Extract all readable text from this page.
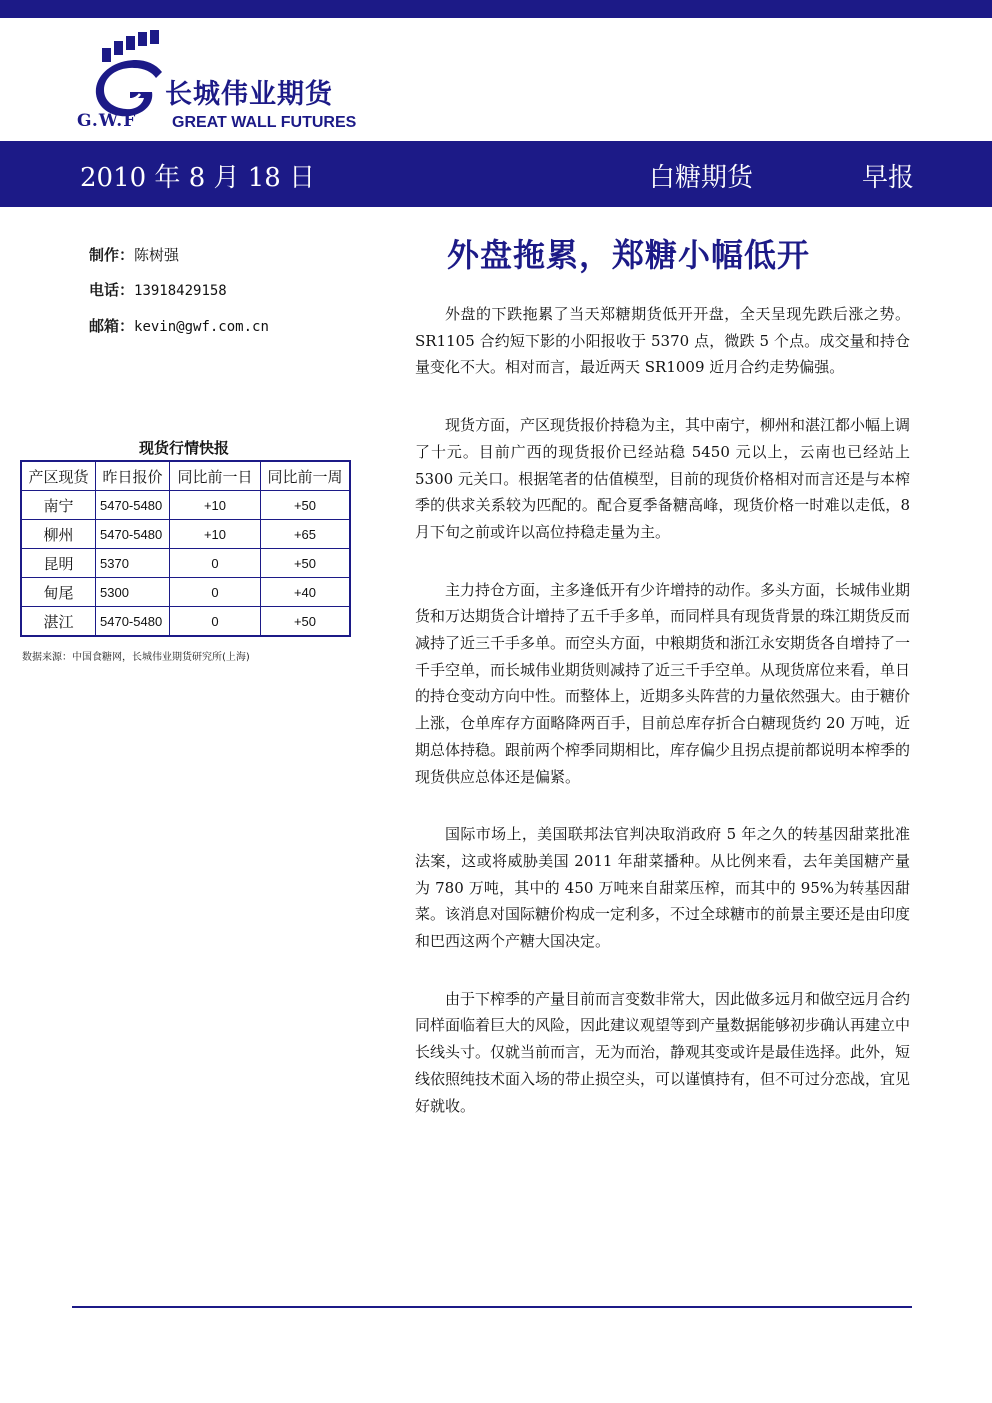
长城伟业期货
G.W.F GREAT WALL FUTURES
2010 年 8 月 18 日	白糖期货	早报
制作：陈树强
电话：13918429158
邮箱：kevin@gwf.com.cn
外盘拖累，郑糖小幅低开

外盘的下跌拖累了当天郑糖期货低开开盘，全天呈现先跌后涨之势。SR1105 合约短下影的小阳报收于 5370 点，微跌 5 个点。成交量和持仓量变化不大。相对而言，最近两天 SR1009 近月合约走势偏强。

现货方面，产区现货报价持稳为主，其中南宁，柳州和湛江都小幅上调了十元。目前广西的现货报价已经站稳 5450 元以上，云南也已经站上 5300 元关口。根据笔者的估值模型，目前的现货价格相对而言还是与本榨季的供求关系较为匹配的。配合夏季备糖高峰，现货价格一时难以走低，8 月下旬之前或许以高位持稳走量为主。

主力持仓方面，主多逢低开有少许增持的动作。多头方面，长城伟业期货和万达期货合计增持了五千手多单，而同样具有现货背景的珠江期货反而减持了近三千手多单。而空头方面，中粮期货和浙江永安期货各自增持了一千手空单，而长城伟业期货则减持了近三千手空单。从现货席位来看，单日的持仓变动方向中性。而整体上，近期多头阵营的力量依然强大。由于糖价上涨，仓单库存方面略降两百手，目前总库存折合白糖现货约 20 万吨，近期总体持稳。跟前两个榨季同期相比，库存偏少且拐点提前都说明本榨季的现货供应总体还是偏紧。

国际市场上，美国联邦法官判决取消政府 5 年之久的转基因甜菜批准法案，这或将威胁美国 2011 年甜菜播种。从比例来看，去年美国糖产量为 780 万吨，其中的 450 万吨来自甜菜压榨，而其中的 95%为转基因甜菜。该消息对国际糖价构成一定利多，不过全球糖市的前景主要还是由印度和巴西这两个产糖大国决定。

由于下榨季的产量目前而言变数非常大，因此做多远月和做空远月合约同样面临着巨大的风险，因此建议观望等到产量数据能够初步确认再建立中长线头寸。仅就当前而言，无为而治，静观其变或许是最佳选择。此外，短线依照纯技术面入场的带止损空头，可以谨慎持有，但不可过分恋战，宜见好就收。

现货行情快报
产区现货	昨日报价	同比前一日	同比前一周
南宁	5470-5480	+10	+50
柳州	5470-5480	+10	+65
昆明	5370	0	+50
甸尾	5300	0	+40
湛江	5470-5480	0	+50
数据来源：中国食糖网，长城伟业期货研究所(上海)
